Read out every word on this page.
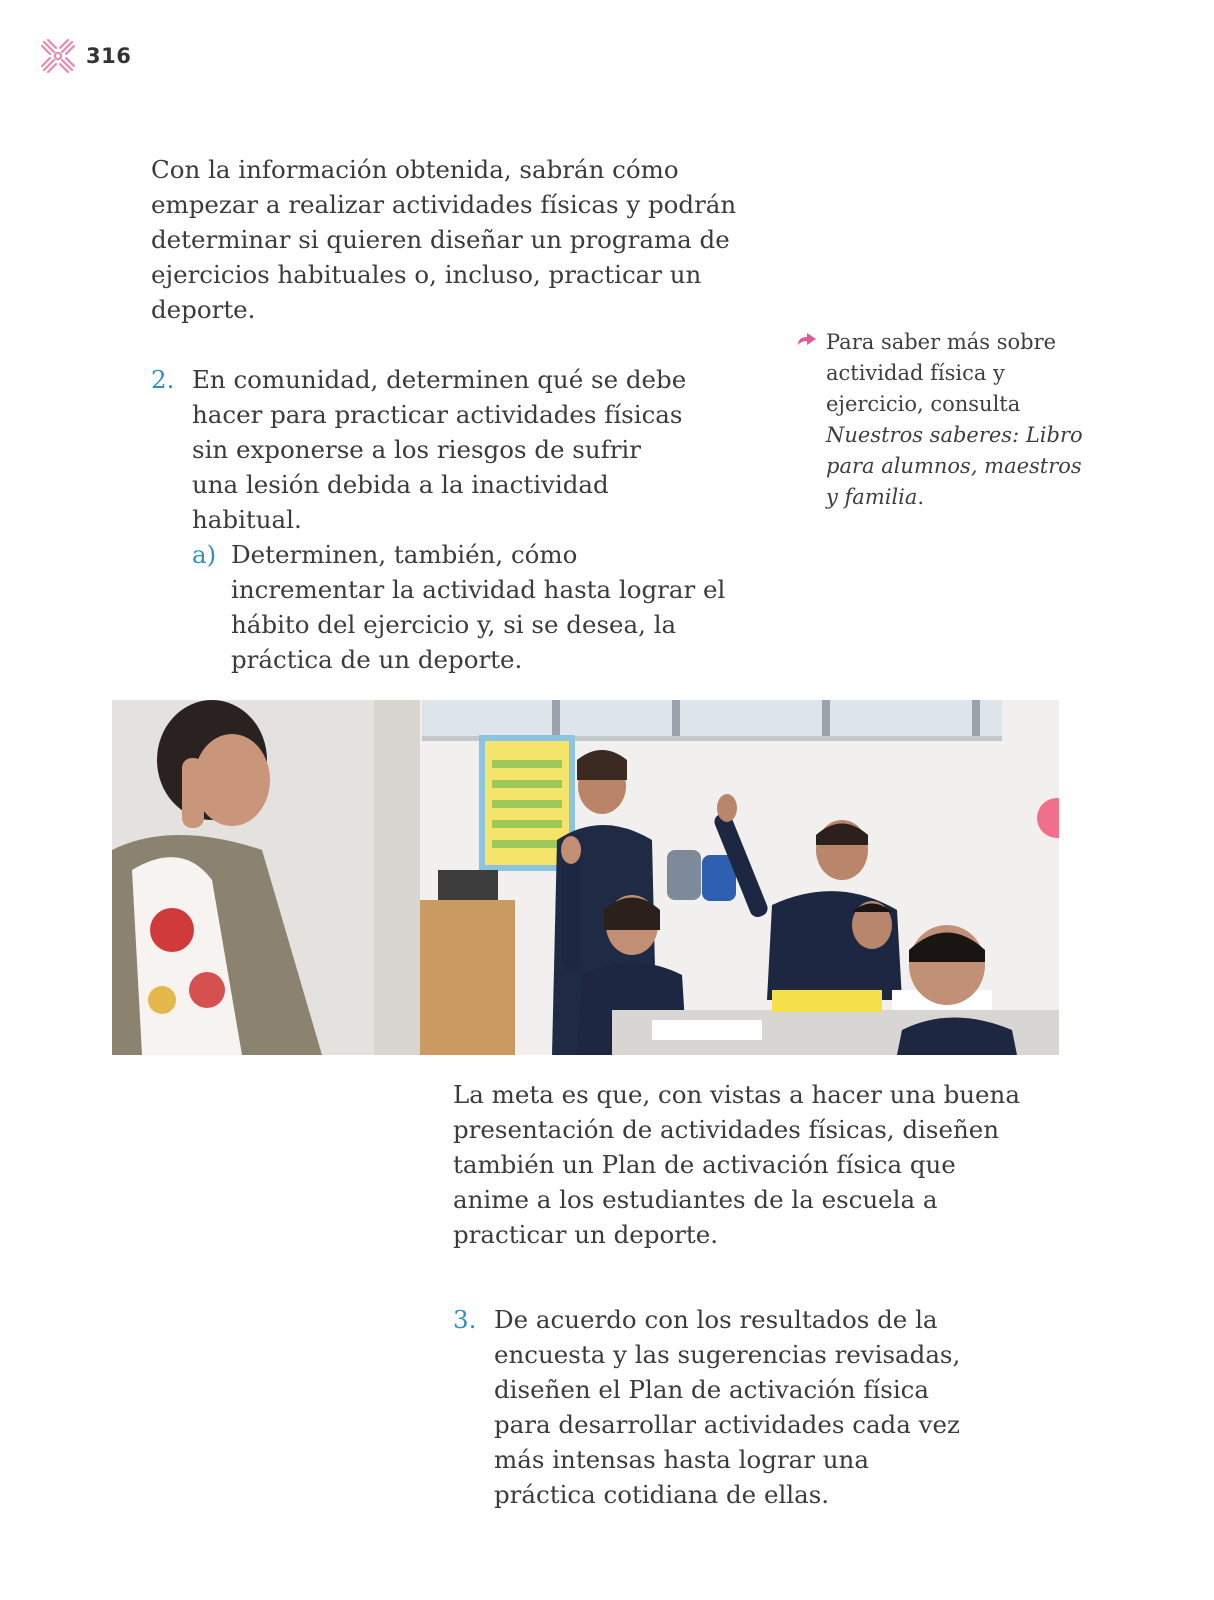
316

Con la información obtenida, sabrán cómo empezar a realizar actividades físicas y podrán determinar si quieren diseñar un programa de ejercicios habituales o, incluso, practicar un deporte.

2. En comunidad, determinen qué se debe hacer para practicar actividades físicas sin exponerse a los riesgos de sufrir una lesión debida a la inactividad habitual.
a) Determinen, también, cómo incrementar la actividad hasta lograr el hábito del ejercicio y, si se desea, la práctica de un deporte.
Para saber más sobre actividad física y ejercicio, consulta Nuestros saberes: Libro para alumnos, maestros y familia.

La meta es que, con vistas a hacer una buena presentación de actividades físicas, diseñen también un Plan de activación física que anime a los estudiantes de la escuela a practicar un deporte.

3. De acuerdo con los resultados de la encuesta y las sugerencias revisadas, diseñen el Plan de activación física para desarrollar actividades cada vez más intensas hasta lograr una práctica cotidiana de ellas.
